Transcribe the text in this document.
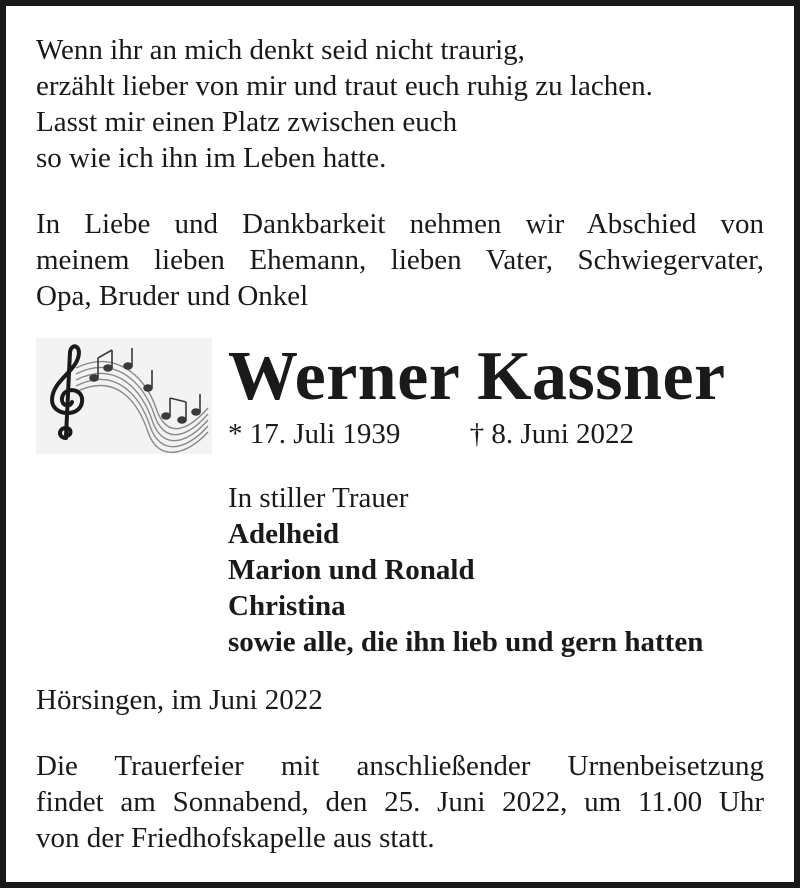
Wenn ihr an mich denkt seid nicht traurig,
erzählt lieber von mir und traut euch ruhig zu lachen.
Lasst mir einen Platz zwischen euch
so wie ich ihn im Leben hatte.
In Liebe und Dankbarkeit nehmen wir Abschied von
meinem lieben Ehemann, lieben Vater, Schwiegervater,
Opa, Bruder und Onkel
Werner Kassner
* 17. Juli 1939 † 8. Juni 2022
In stiller Trauer
Adelheid
Marion und Ronald
Christina
sowie alle, die ihn lieb und gern hatten
Hörsingen, im Juni 2022
Die Trauerfeier mit anschließender Urnenbeisetzung
findet am Sonnabend, den 25. Juni 2022, um 11.00 Uhr
von der Friedhofskapelle aus statt.
